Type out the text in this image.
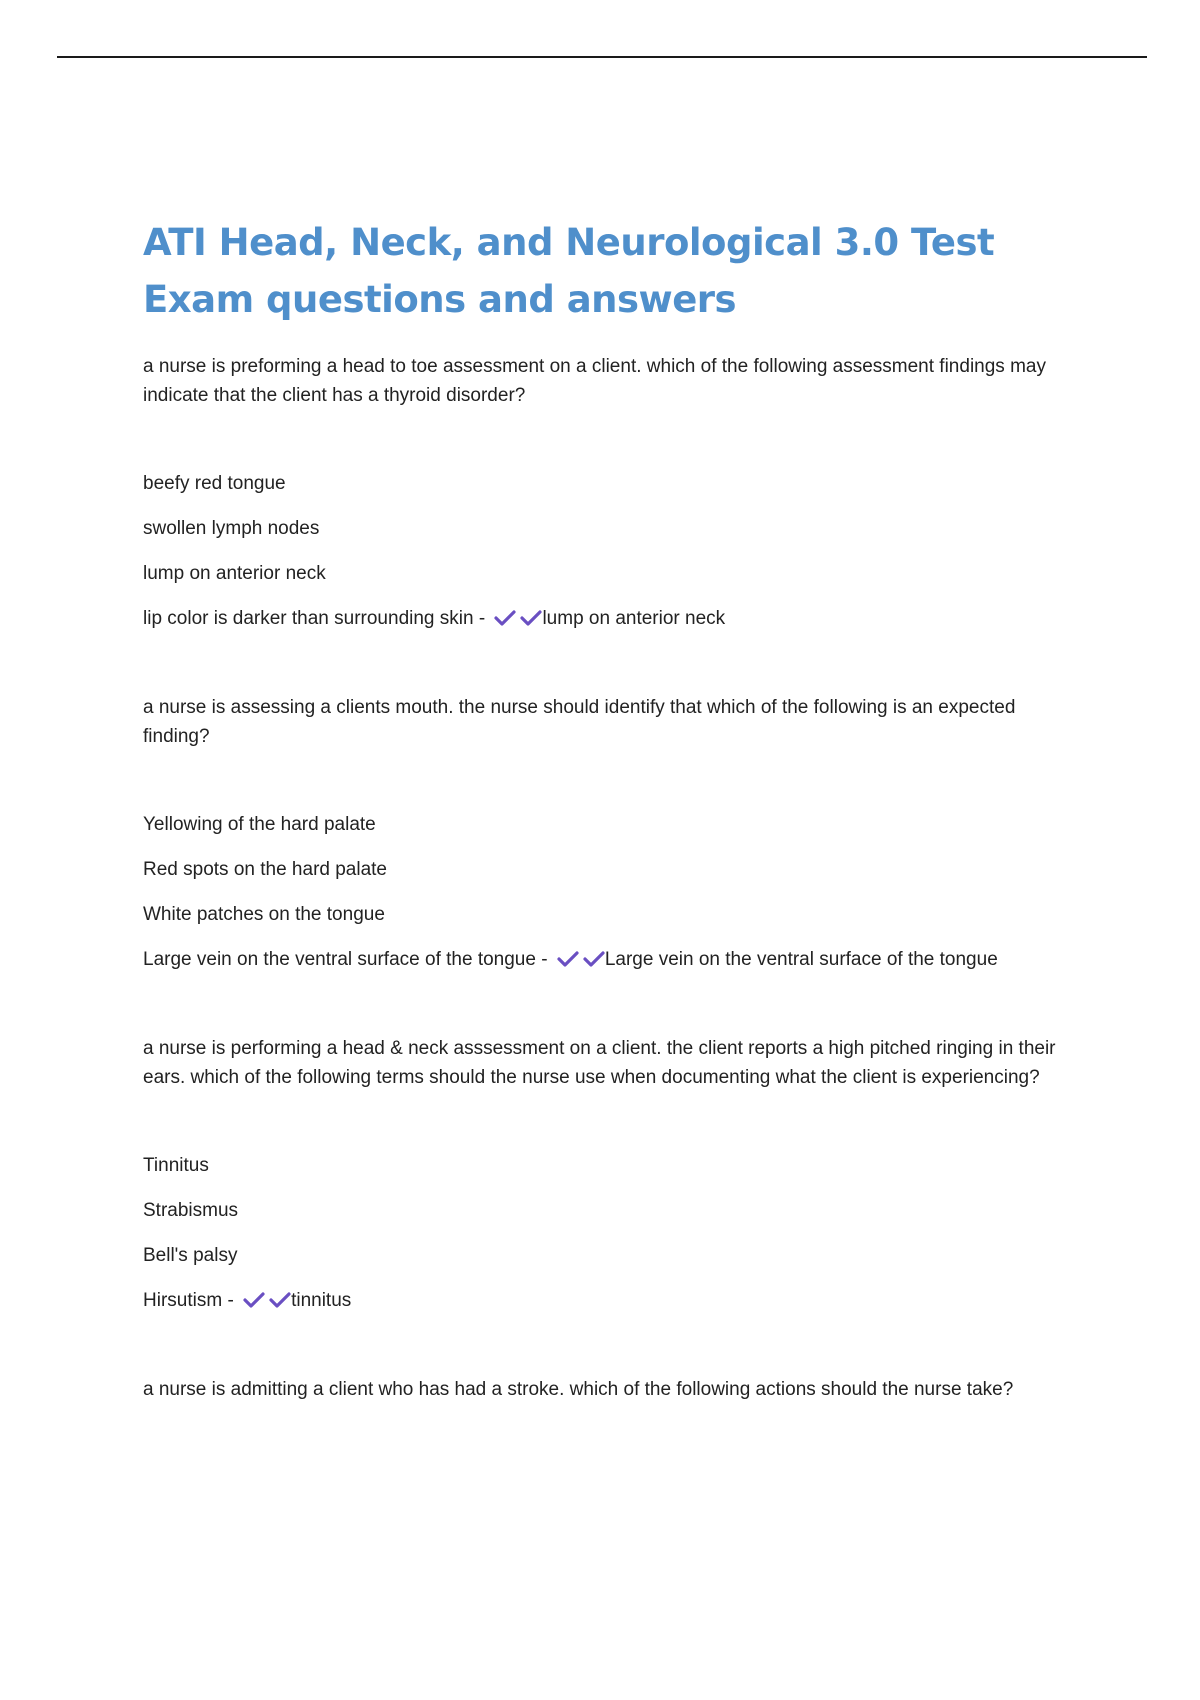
ATI Head, Neck, and Neurological 3.0 Test Exam questions and answers

a nurse is preforming a head to toe assessment on a client. which of the following assessment findings may indicate that the client has a thyroid disorder?

beefy red tongue

swollen lymph nodes

lump on anterior neck

lip color is darker than surrounding skin -	lump on anterior neck

a nurse is assessing a clients mouth. the nurse should identify that which of the following is an expected finding?

Yellowing of the hard palate

Red spots on the hard palate

White patches on the tongue

Large vein on the ventral surface of the tongue -	Large vein on the ventral surface of the tongue

a nurse is performing a head & neck asssessment on a client. the client reports a high pitched ringing in their ears. which of the following terms should the nurse use when documenting what the client is experiencing?

Tinnitus

Strabismus

Bell's palsy

Hirsutism -	tinnitus

a nurse is admitting a client who has had a stroke. which of the following actions should the nurse take?
